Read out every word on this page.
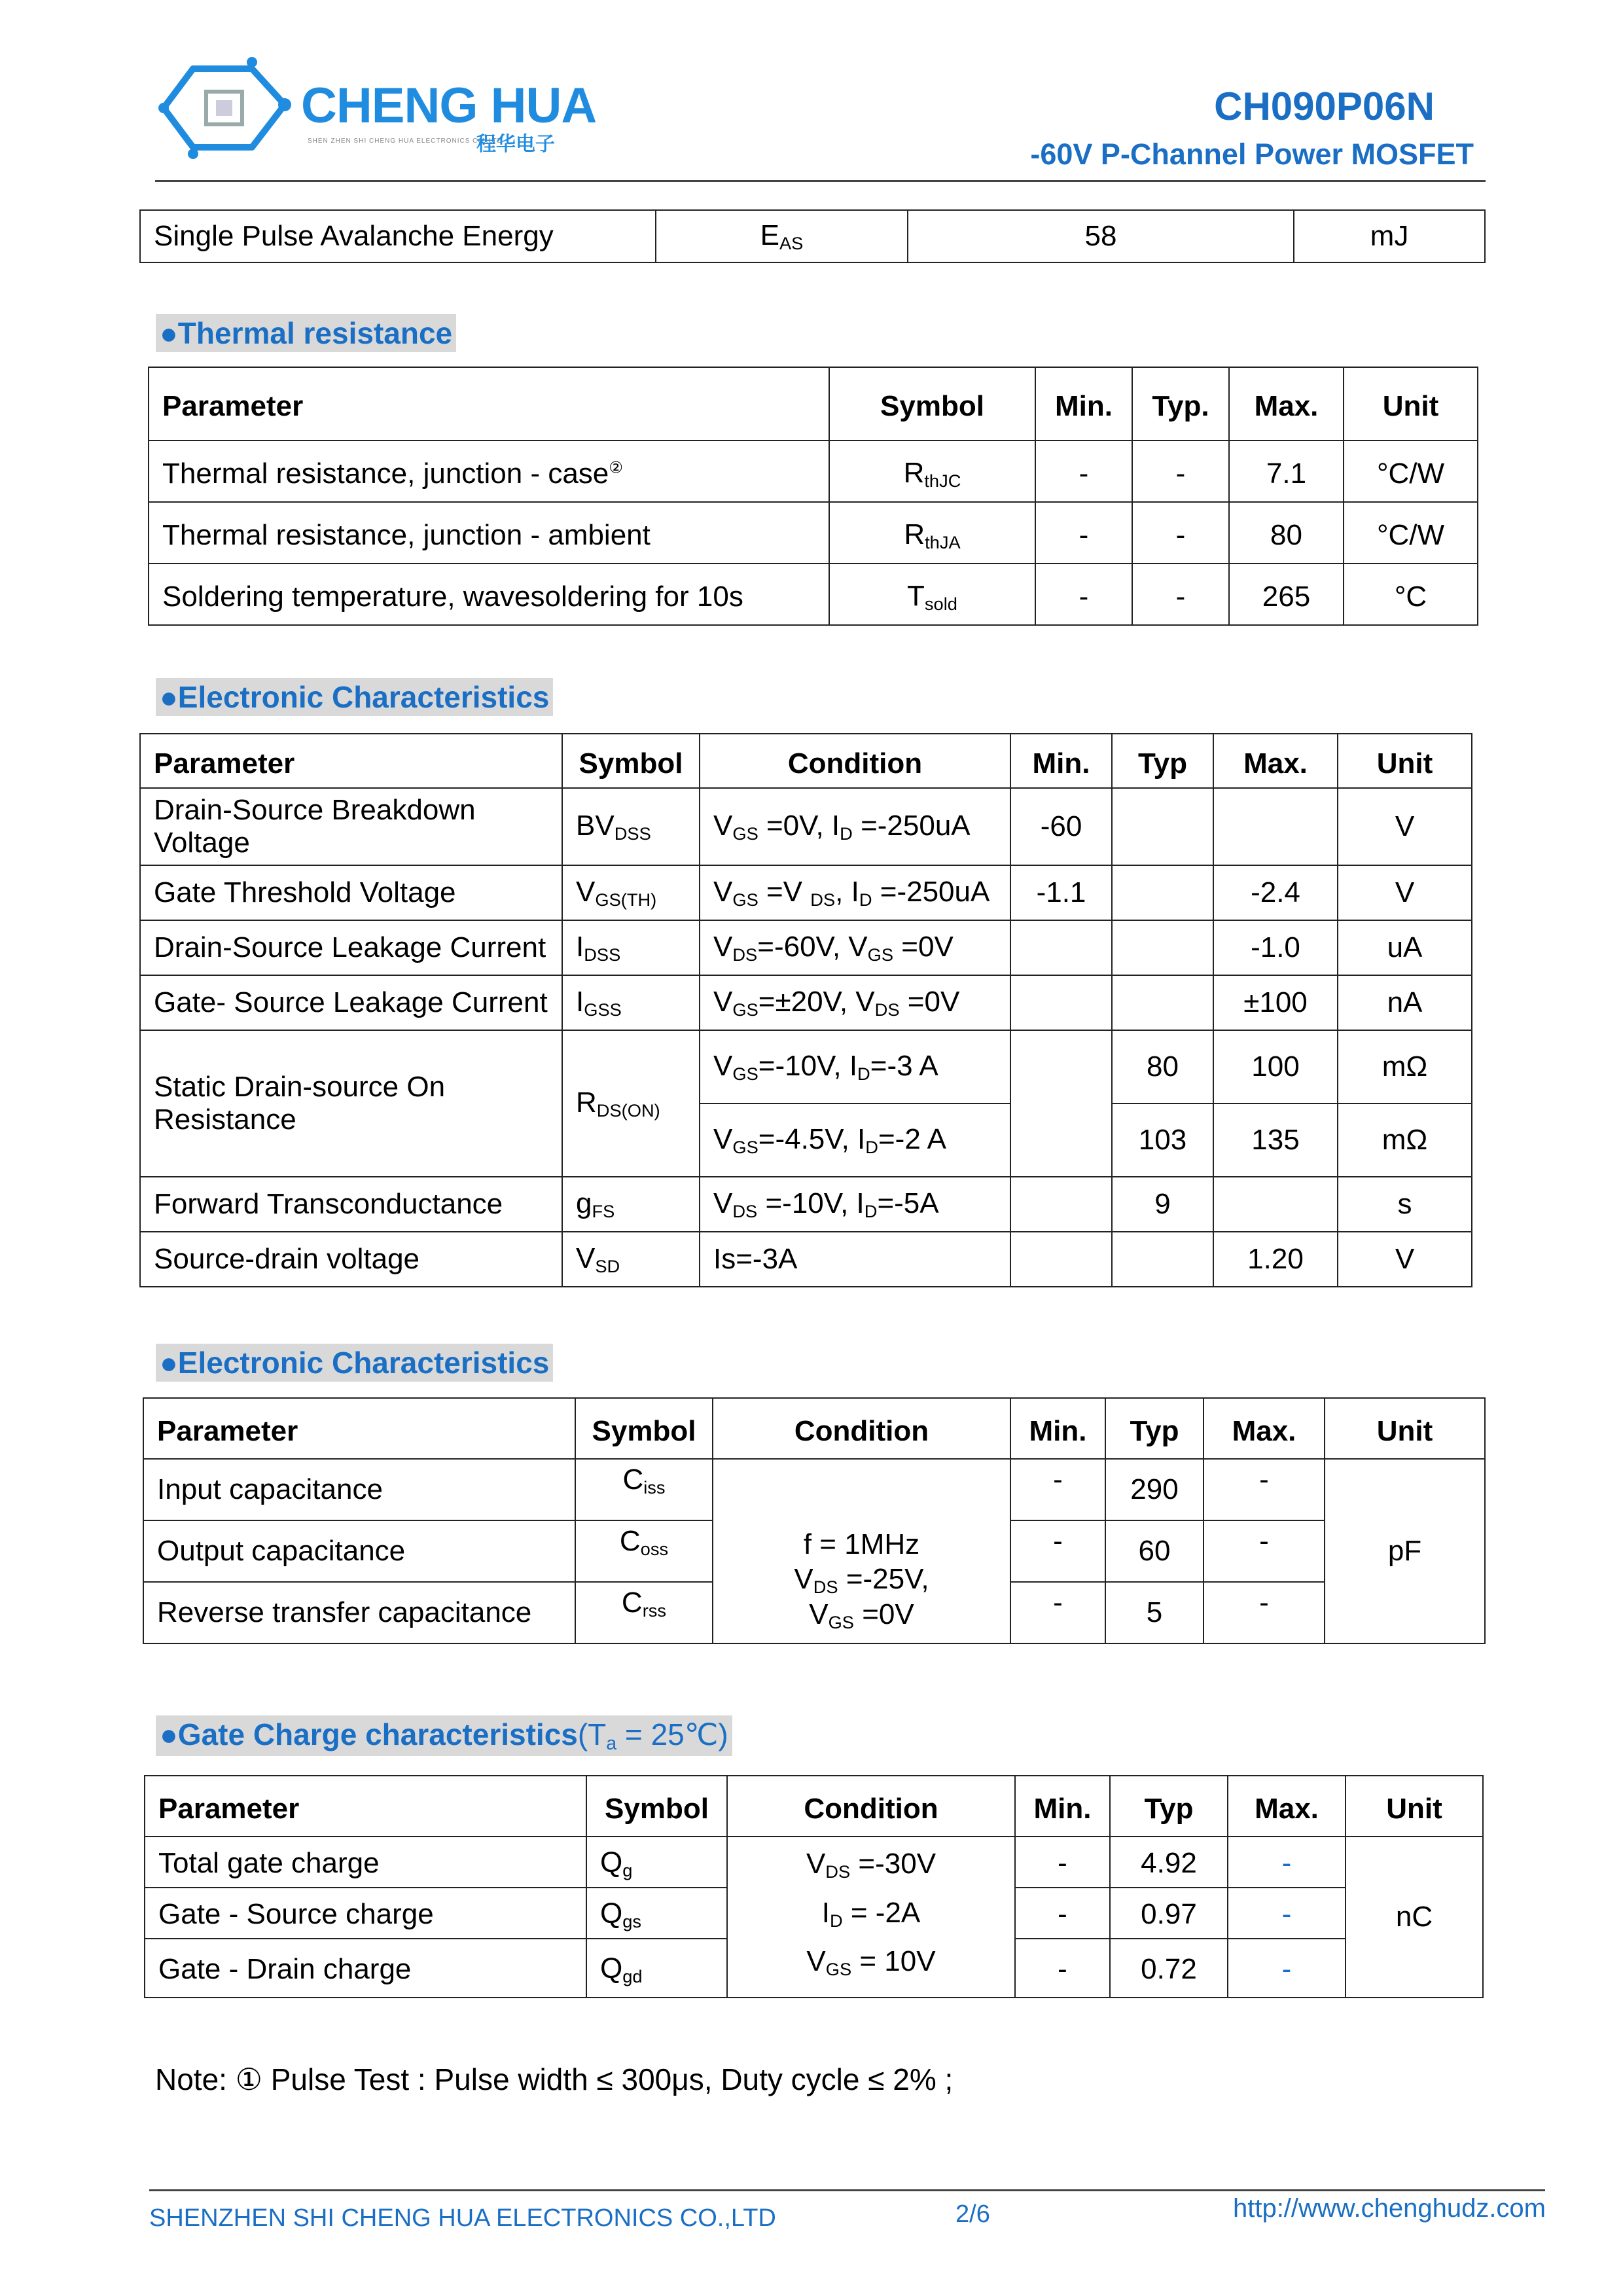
CHENG HUA
SHEN ZHEN SHI CHENG HUA ELECTRONICS CO.,LTD
程华电子
CH090P06N
-60V P-Channel Power MOSFET
Single Pulse Avalanche Energy	$E_{AS}$	58	mJ
●Thermal resistance
Parameter	Symbol	Min.	Typ.	Max.	Unit
Thermal resistance, junction - case②	$R_{thJC}$	-	-	7.1	°C/W
Thermal resistance, junction - ambient	$R_{thJA}$	-	-	80	°C/W
Soldering temperature, wavesoldering for 10s	$T_{sold}$	-	-	265	°C
●Electronic Characteristics
Parameter	Symbol	Condition	Min.	Typ	Max.	Unit
Drain-Source Breakdown Voltage	$BV_{DSS}$	$V_{GS} =0V$, $I_D =-250uA$	-60			V
Gate Threshold Voltage	$V_{GS(TH)}$	$V_{GS} =V$ $_{DS}$, $I_D =-250uA$	-1.1		-2.4	V
Drain-Source Leakage Current	$I_{DSS}$	$V_{DS}=-60V$, $V_{GS} =0V$			-1.0	uA
Gate- Source Leakage Current	$I_{GSS}$	$V_{GS}=\pm 20V$, $V_{DS} =0V$			±100	nA
Static Drain-source On Resistance	$R_{DS(ON)}$	$V_{GS}=-10V$, $I_D=-3$ A		80	100	mΩ
		$V_{GS}=-4.5V$, $I_D=-2$ A		103	135	mΩ
Forward Transconductance	$g_{FS}$	$V_{DS} =-10V$, $I_D=-5A$		9		s
Source-drain voltage	$V_{SD}$	Is=-3A			1.20	V
●Electronic Characteristics
Parameter	Symbol	Condition	Min.	Typ	Max.	Unit
Input capacitance	$C_{iss}$	f = 1MHz
$V_{DS} =-25V$,
$V_{GS} =0V$	-	290	-	pF
Output capacitance	$C_{oss}$		-	60	-	
Reverse transfer capacitance	$C_{rss}$		-	5	-	
●Gate Charge $characteristics(T_a$ = 25℃)
Parameter	Symbol	Condition	Min.	Typ	Max.	Unit
Total gate charge	$Q_g$	$V_{DS} =-30V$
$I_D = -2A$
$V_{GS} = 10V$	-	4.92	-	nC
Gate - Source charge	$Q_{gs}$		-	0.97	-	
Gate - Drain charge	$Q_{gd}$		-	0.72	-	
Note: ① Pulse Test : Pulse width ≤ 300μs, Duty cycle ≤ 2% ;
SHENZHEN SHI CHENG HUA ELECTRONICS CO.,LTD	2/6	http://www.chenghudz.com
